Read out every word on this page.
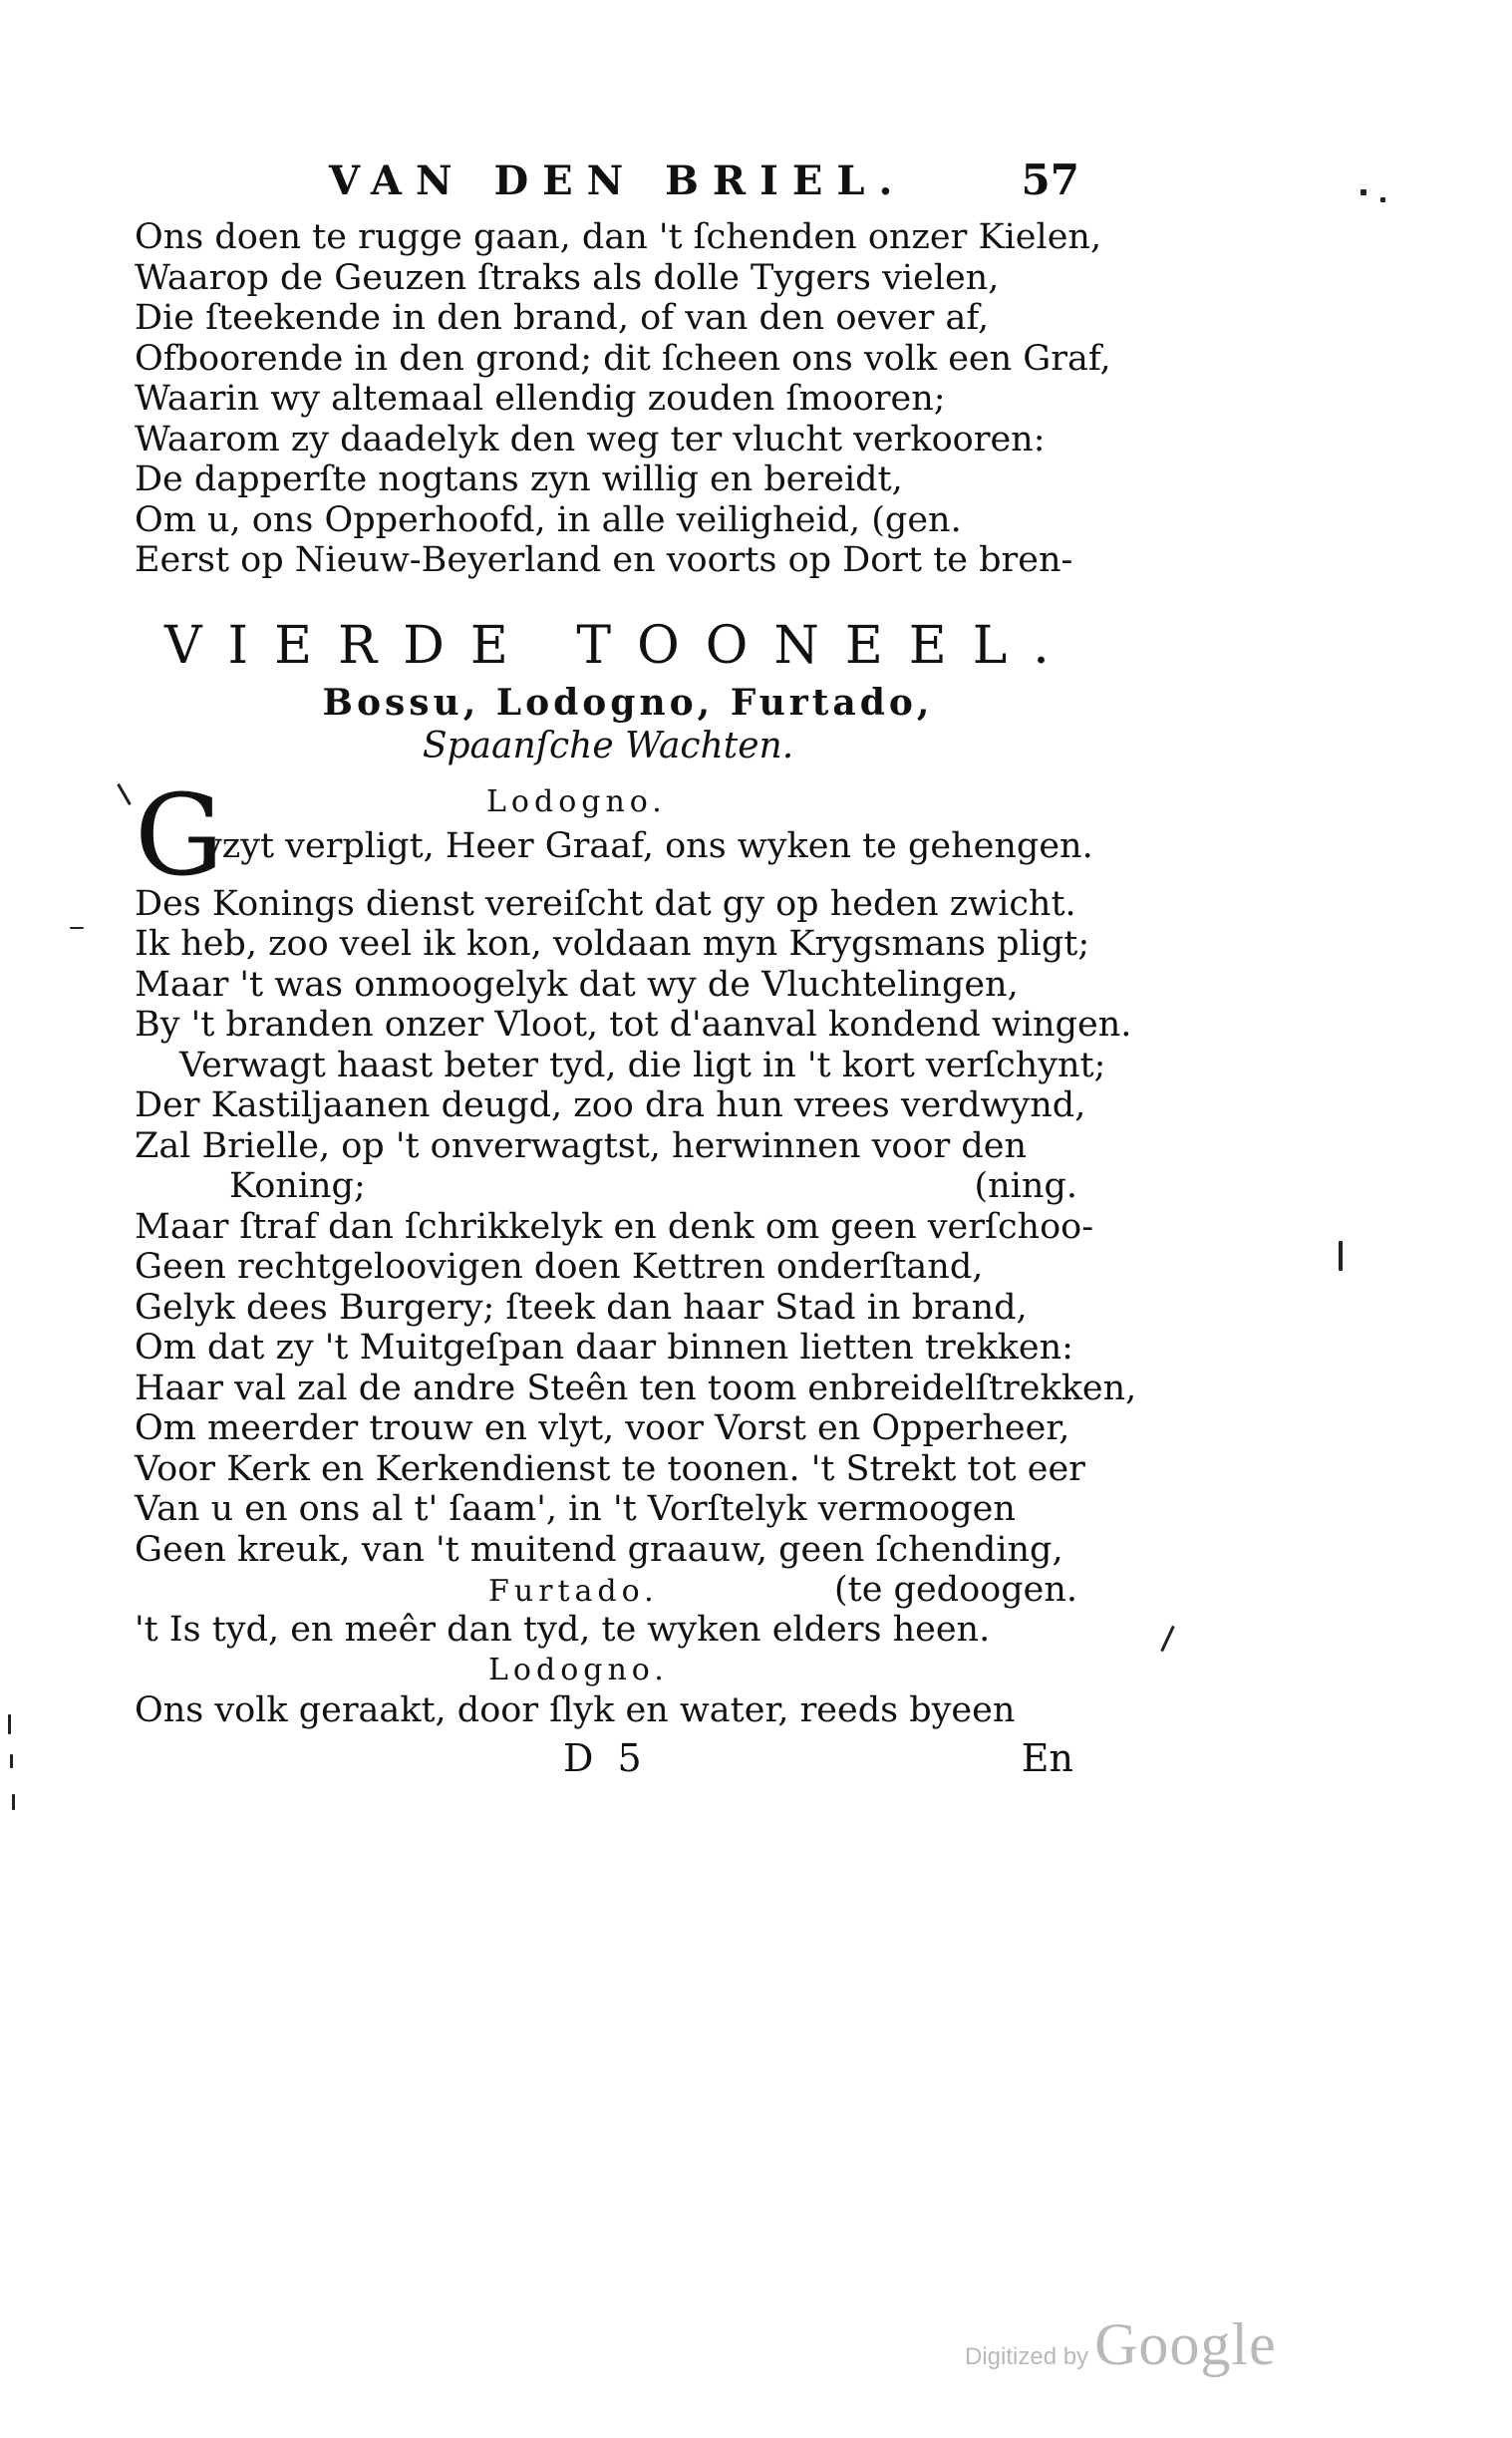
VAN DEN BRIEL.	57
Ons doen te rugge gaan, dan 't ſchenden onzer Kielen,
Waarop de Geuzen ſtraks als dolle Tygers vielen,
Die ſteekende in den brand, of van den oever af,
Ofboorende in den grond; dit ſcheen ons volk een Graf,
Waarin wy altemaal ellendig zouden ſmooren;
Waarom zy daadelyk den weg ter vlucht verkooren:
De dapperſte nogtans zyn willig en bereidt,
Om u, ons Opperhoofd, in alle veiligheid, (gen.
Eerst op Nieuw-Beyerland en voorts op Dort te bren-
VIERDE TOONEEL.
Bossu, Lodogno, Furtado,
Spaanſche Wachten.
G	Lodogno.
yzyt verpligt, Heer Graaf, ons wyken te gehengen.
Des Konings dienst vereiſcht dat gy op heden zwicht.
Ik heb, zoo veel ik kon, voldaan myn Krygsmans pligt;
Maar 't was onmoogelyk dat wy de Vluchtelingen,
By 't branden onzer Vloot, tot d'aanval kondend wingen.
Verwagt haast beter tyd, die ligt in 't kort verſchynt;
Der Kastiljaanen deugd, zoo dra hun vrees verdwynd,
Zal Brielle, op 't onverwagtst, herwinnen voor den
Koning;	(ning.
Maar ſtraf dan ſchrikkelyk en denk om geen verſchoo-
Geen rechtgeloovigen doen Kettren onderſtand,
Gelyk dees Burgery; ſteek dan haar Stad in brand,
Om dat zy 't Muitgeſpan daar binnen lietten trekken:
Haar val zal de andre Steên ten toom enbreidelſtrekken,
Om meerder trouw en vlyt, voor Vorst en Opperheer,
Voor Kerk en Kerkendienst te toonen. 't Strekt tot eer
Van u en ons al t' ſaam', in 't Vorſtelyk vermoogen
Geen kreuk, van 't muitend graauw, geen ſchending,
Furtado.	(te gedoogen.
't Is tyd, en meêr dan tyd, te wyken elders heen.
Lodogno.
Ons volk geraakt, door ſlyk en water, reeds byeen
D 5	En
Digitized by Google
